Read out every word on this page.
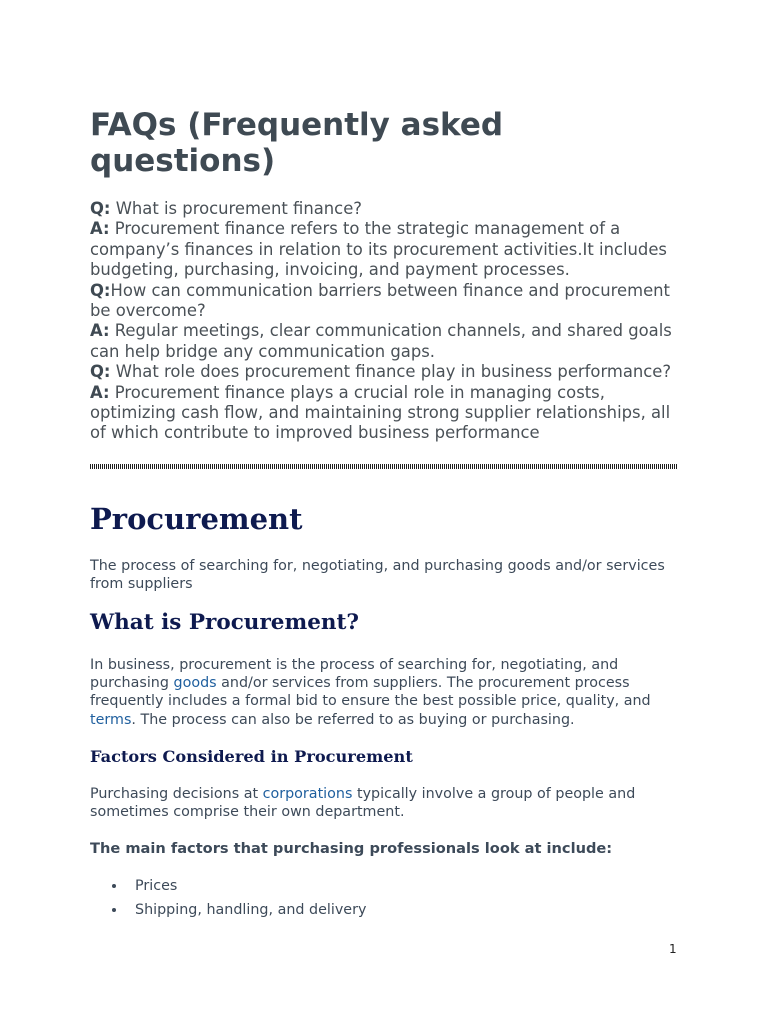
FAQs (Frequently asked questions)

Q: What is procurement finance?

A: Procurement finance refers to the strategic management of a company’s finances in relation to its procurement activities.It includes budgeting, purchasing, invoicing, and payment processes.

Q:How can communication barriers between finance and procurement be overcome?

A: Regular meetings, clear communication channels, and shared goals can help bridge any communication gaps.

Q: What role does procurement finance play in business performance?

A: Procurement finance plays a crucial role in managing costs, optimizing cash flow, and maintaining strong supplier relationships, all of which contribute to improved business performance

Procurement

The process of searching for, negotiating, and purchasing goods and/or services from suppliers

What is Procurement?

In business, procurement is the process of searching for, negotiating, and purchasing goods and/or services from suppliers. The procurement process frequently includes a formal bid to ensure the best possible price, quality, and terms. The process can also be referred to as buying or purchasing.

Factors Considered in Procurement

Purchasing decisions at corporations typically involve a group of people and sometimes comprise their own department.

The main factors that purchasing professionals look at include:

Prices
Shipping, handling, and delivery
1
